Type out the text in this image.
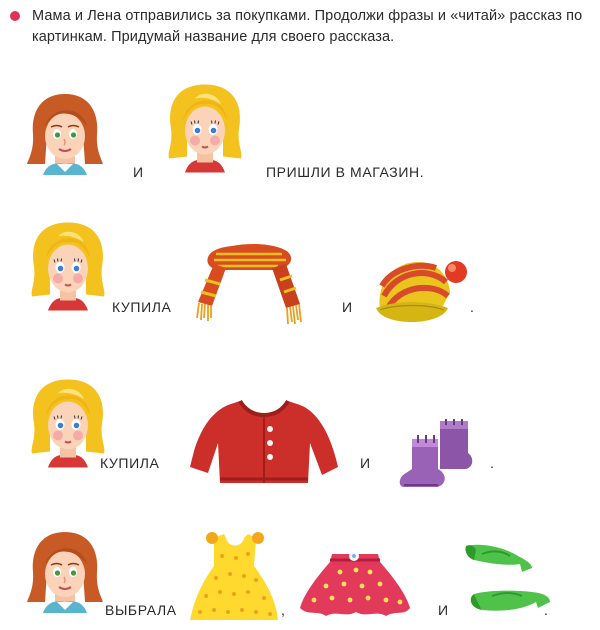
Мама и Лена отправились за покупками. Продолжи фразы и «читай» рассказ по картинкам. Придумай название для своего рассказа.
И	ПРИШЛИ В МАГАЗИН.
КУПИЛА	И	.
КУПИЛА	И	.
ВЫБРАЛА	,	И	.
